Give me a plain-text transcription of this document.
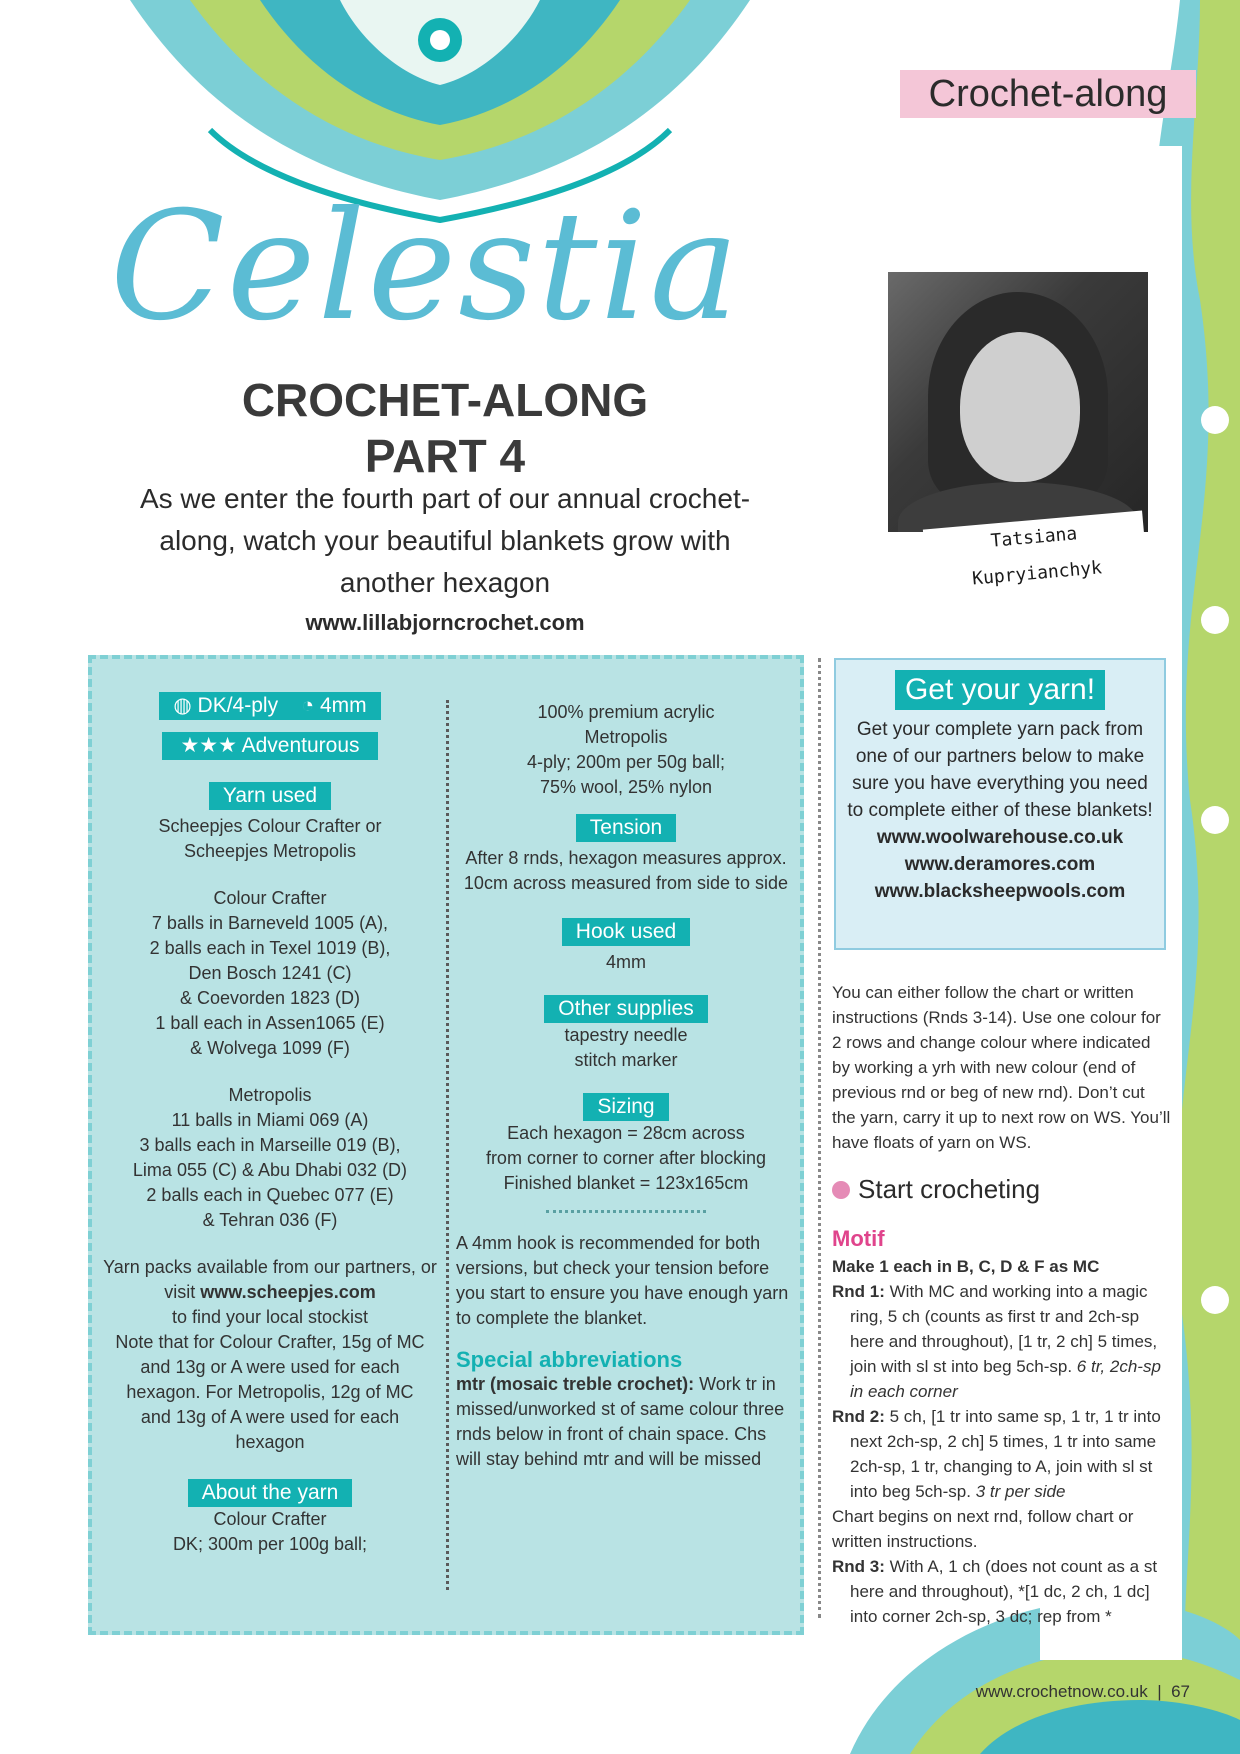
Crochet-along
Celestia
CROCHET-ALONG
PART 4
As we enter the fourth part of our annual crochet-along, watch your beautiful blankets grow with another hexagon
www.lillabjorncrochet.com
Tatsiana Kupryianchyk
◍ DK/4-ply ◔ 4mm
★★★ Adventurous
Yarn used

Scheepjes Colour Crafter or Scheepjes Metropolis

Colour Crafter

7 balls in Barneveld 1005 (A),

2 balls each in Texel 1019 (B),

Den Bosch 1241 (C)

& Coevorden 1823 (D)

1 ball each in Assen1065 (E)

& Wolvega 1099 (F)

Metropolis

11 balls in Miami 069 (A)

3 balls each in Marseille 019 (B),

Lima 055 (C) & Abu Dhabi 032 (D)

2 balls each in Quebec 077 (E)

& Tehran 036 (F)

Yarn packs available from our partners, or visit www.scheepjes.com
to find your local stockist

Note that for Colour Crafter, 15g of MC and 13g or A were used for each hexagon. For Metropolis, 12g of MC and 13g of A were used for each hexagon

About the yarn

Colour Crafter

DK; 300m per 100g ball;

100% premium acrylic

Metropolis

4-ply; 200m per 50g ball;

75% wool, 25% nylon

Tension

After 8 rnds, hexagon measures approx. 10cm across measured from side to side

Hook used

4mm

Other supplies

tapestry needle

stitch marker

Sizing

Each hexagon = 28cm across

from corner to corner after blocking

Finished blanket = 123x165cm

A 4mm hook is recommended for both versions, but check your tension before you start to ensure you have enough yarn to complete the blanket.

Special abbreviations

mtr (mosaic treble crochet): Work tr in missed/unworked st of same colour three rnds below in front of chain space. Chs will stay behind mtr and will be missed

Get your yarn!

Get your complete yarn pack from one of our partners below to make sure you have everything you need to complete either of these blankets!

www.woolwarehouse.co.uk
www.deramores.com
www.blacksheepwools.com

You can either follow the chart or written instructions (Rnds 3-14). Use one colour for 2 rows and change colour where indicated by working a yrh with new colour (end of previous rnd or beg of new rnd). Don’t cut the yarn, carry it up to next row on WS. You’ll have floats of yarn on WS.

Start crocheting
Motif

Make 1 each in B, C, D & F as MC

Rnd 1: With MC and working into a magic ring, 5 ch (counts as first tr and 2ch-sp here and throughout), [1 tr, 2 ch] 5 times, join with sl st into beg 5ch-sp. 6 tr, 2ch-sp in each corner

Rnd 2: 5 ch, [1 tr into same sp, 1 tr, 1 tr into next 2ch-sp, 2 ch] 5 times, 1 tr into same 2ch-sp, 1 tr, changing to A, join with sl st into beg 5ch-sp. 3 tr per side

Chart begins on next rnd, follow chart or written instructions.

Rnd 3: With A, 1 ch (does not count as a st here and throughout), *[1 dc, 2 ch, 1 dc] into corner 2ch-sp, 3 dc; rep from *

www.crochetnow.co.uk  |  67
